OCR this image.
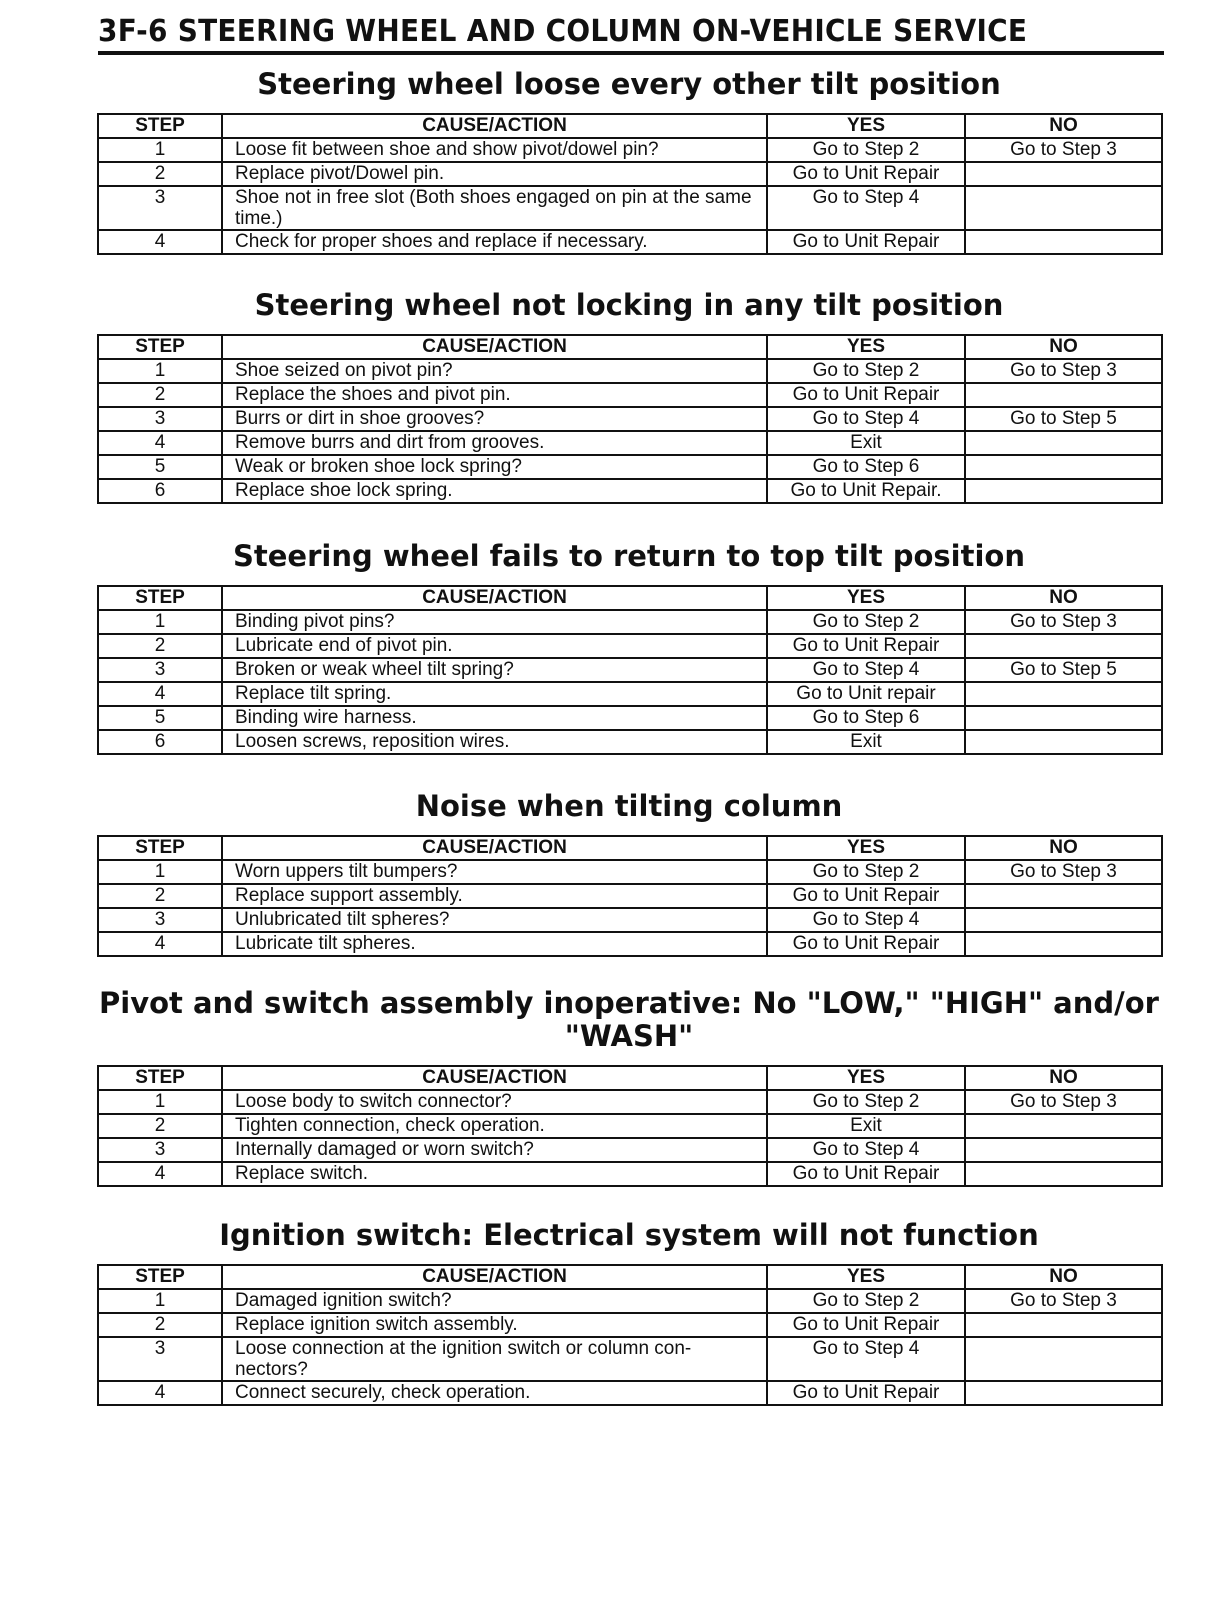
3F-6 STEERING WHEEL AND COLUMN ON-VEHICLE SERVICE
Steering wheel loose every other tilt position
STEP	CAUSE/ACTION	YES	NO
1	Loose fit between shoe and show pivot/dowel pin?	Go to Step 2	Go to Step 3
2	Replace pivot/Dowel pin.	Go to Unit Repair	
3	Shoe not in free slot (Both shoes engaged on pin at the same time.)	Go to Step 4	
4	Check for proper shoes and replace if necessary.	Go to Unit Repair	
Steering wheel not locking in any tilt position
STEP	CAUSE/ACTION	YES	NO
1	Shoe seized on pivot pin?	Go to Step 2	Go to Step 3
2	Replace the shoes and pivot pin.	Go to Unit Repair	
3	Burrs or dirt in shoe grooves?	Go to Step 4	Go to Step 5
4	Remove burrs and dirt from grooves.	Exit	
5	Weak or broken shoe lock spring?	Go to Step 6	
6	Replace shoe lock spring.	Go to Unit Repair.	
Steering wheel fails to return to top tilt position
STEP	CAUSE/ACTION	YES	NO
1	Binding pivot pins?	Go to Step 2	Go to Step 3
2	Lubricate end of pivot pin.	Go to Unit Repair	
3	Broken or weak wheel tilt spring?	Go to Step 4	Go to Step 5
4	Replace tilt spring.	Go to Unit repair	
5	Binding wire harness.	Go to Step 6	
6	Loosen screws, reposition wires.	Exit	
Noise when tilting column
STEP	CAUSE/ACTION	YES	NO
1	Worn uppers tilt bumpers?	Go to Step 2	Go to Step 3
2	Replace support assembly.	Go to Unit Repair	
3	Unlubricated tilt spheres?	Go to Step 4	
4	Lubricate tilt spheres.	Go to Unit Repair	
Pivot and switch assembly inoperative: No "LOW," "HIGH" and/or "WASH"
STEP	CAUSE/ACTION	YES	NO
1	Loose body to switch connector?	Go to Step 2	Go to Step 3
2	Tighten connection, check operation.	Exit	
3	Internally damaged or worn switch?	Go to Step 4	
4	Replace switch.	Go to Unit Repair	
Ignition switch: Electrical system will not function
STEP	CAUSE/ACTION	YES	NO
1	Damaged ignition switch?	Go to Step 2	Go to Step 3
2	Replace ignition switch assembly.	Go to Unit Repair	
3	Loose connection at the ignition switch or column con-nectors?	Go to Step 4	
4	Connect securely, check operation.	Go to Unit Repair	
